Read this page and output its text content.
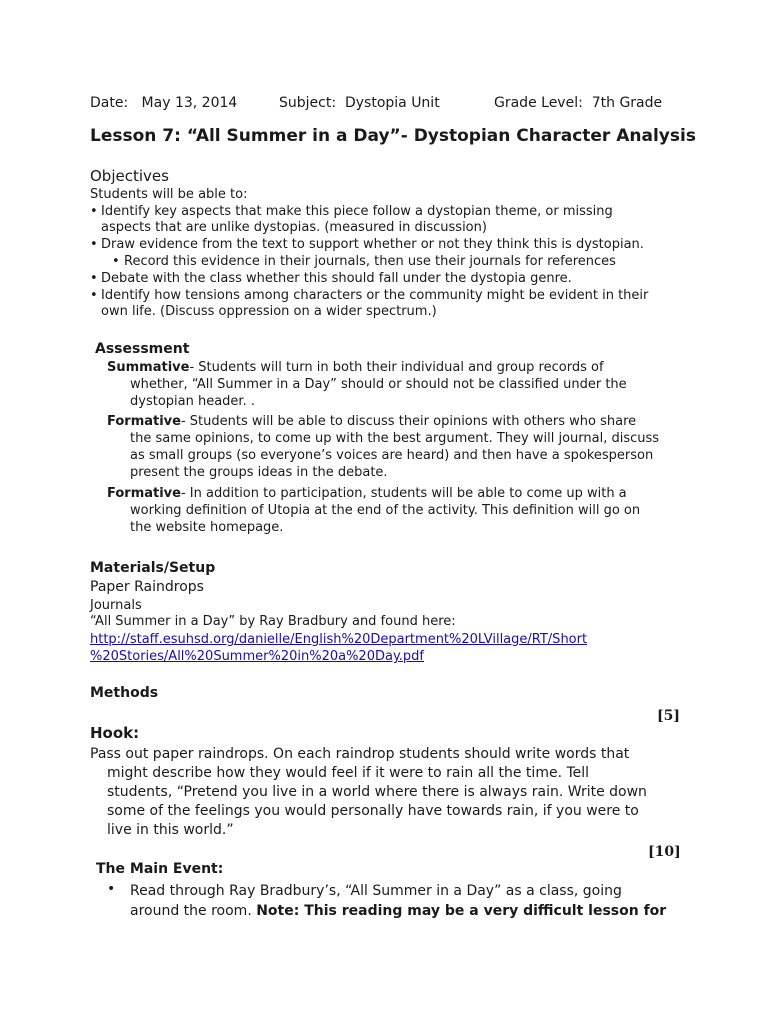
Date: May 13, 2014	Subject: Dystopia Unit	Grade Level: 7th Grade
Lesson 7: “All Summer in a Day”- Dystopian Character Analysis
Objectives
Students will be able to:
• Identify key aspects that make this piece follow a dystopian theme, or missing
aspects that are unlike dystopias. (measured in discussion)
• Draw evidence from the text to support whether or not they think this is dystopian.
• Record this evidence in their journals, then use their journals for references
• Debate with the class whether this should fall under the dystopia genre.
• Identify how tensions among characters or the community might be evident in their
own life. (Discuss oppression on a wider spectrum.)
Assessment
Summative- Students will turn in both their individual and group records of
whether, “All Summer in a Day” should or should not be classified under the
dystopian header. .
Formative- Students will be able to discuss their opinions with others who share
the same opinions, to come up with the best argument. They will journal, discuss
as small groups (so everyone’s voices are heard) and then have a spokesperson
present the groups ideas in the debate.
Formative- In addition to participation, students will be able to come up with a
working definition of Utopia at the end of the activity. This definition will go on
the website homepage.
Materials/Setup
Paper Raindrops
Journals
“All Summer in a Day” by Ray Bradbury and found here:
http://staff.esuhsd.org/danielle/English%20Department%20LVillage/RT/Short
%20Stories/All%20Summer%20in%20a%20Day.pdf
Methods
[5]
Hook:
Pass out paper raindrops. On each raindrop students should write words that
might describe how they would feel if it were to rain all the time. Tell
students, “Pretend you live in a world where there is always rain. Write down
some of the feelings you would personally have towards rain, if you were to
live in this world.”
[10]
The Main Event:
• Read through Ray Bradbury’s, “All Summer in a Day” as a class, going
around the room. Note: This reading may be a very difficult lesson for
